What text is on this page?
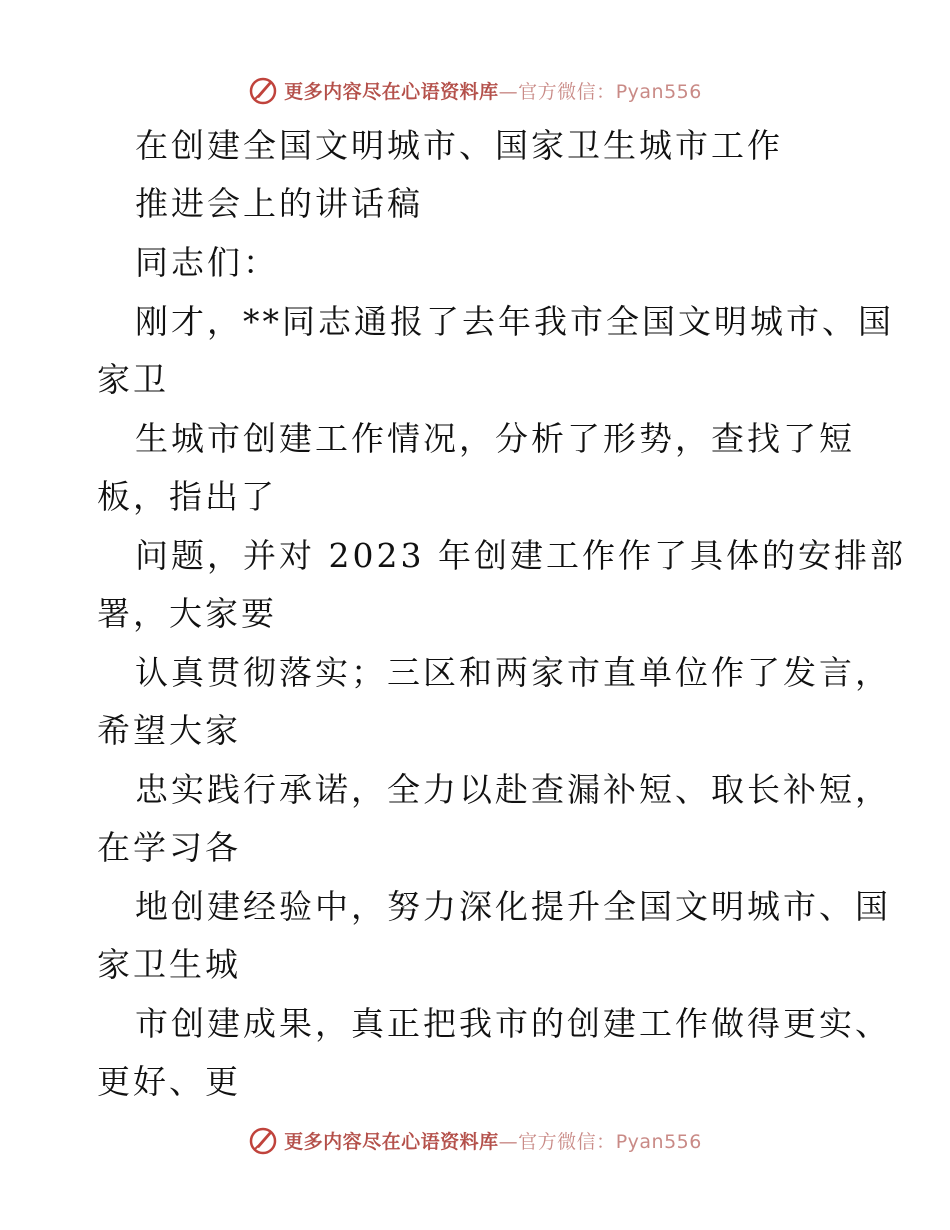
更多内容尽在心语资料库—官方微信：Pyan556
在创建全国文明城市、国家卫生城市工作
推进会上的讲话稿
同志们：
刚才，**同志通报了去年我市全国文明城市、国
家卫
生城市创建工作情况，分析了形势，查找了短
板，指出了
问题，并对 2023 年创建工作作了具体的安排部
署，大家要
认真贯彻落实；三区和两家市直单位作了发言，
希望大家
忠实践行承诺，全力以赴查漏补短、取长补短，
在学习各
地创建经验中，努力深化提升全国文明城市、国
家卫生城
市创建成果，真正把我市的创建工作做得更实、
更好、更
更多内容尽在心语资料库—官方微信：Pyan556
